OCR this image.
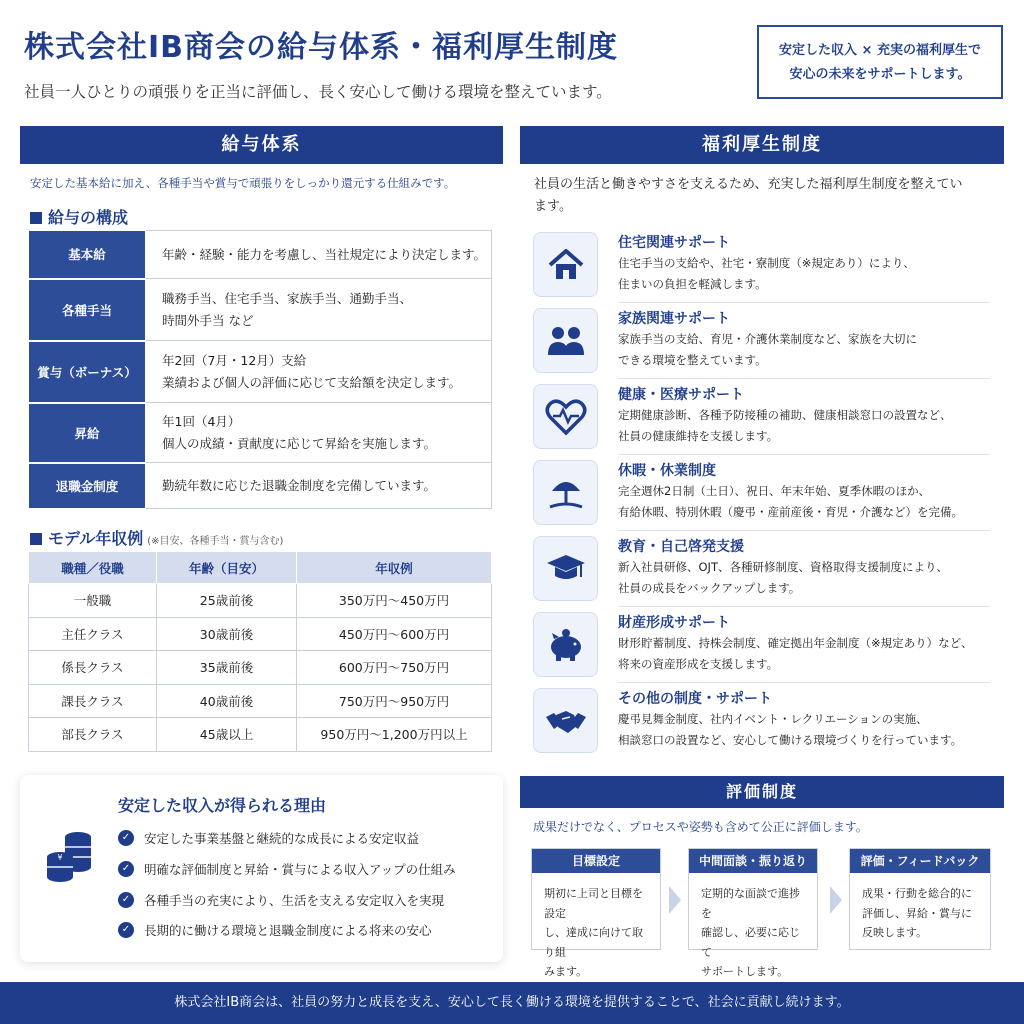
株式会社IB商会の給与体系・福利厚生制度
社員一人ひとりの頑張りを正当に評価し、長く安心して働ける環境を整えています。
安定した収入 × 充実の福利厚生で
安心の未来をサポートします。
給与体系
安定した基本給に加え、各種手当や賞与で頑張りをしっかり還元する仕組みです。
給与の構成
基本給	年齢・経験・能力を考慮し、当社規定により決定します。

各種手当	職務手当、住宅手当、家族手当、通勤手当、
時間外手当 など

賞与（ボーナス）	年2回（7月・12月）支給
業績および個人の評価に応じて支給額を決定します。

昇給	年1回（4月）
個人の成績・貢献度に応じて昇給を実施します。

退職金制度	勤続年数に応じた退職金制度を完備しています。
モデル年収例 (※目安、各種手当・賞与含む)
職種／役職	年齢（目安）	年収例
一般職	25歳前後	350万円〜450万円
主任クラス	30歳前後	450万円〜600万円
係長クラス	35歳前後	600万円〜750万円
課長クラス	40歳前後	750万円〜950万円
部長クラス	45歳以上	950万円〜1,200万円以上
福利厚生制度
社員の生活と働きやすさを支えるため、充実した福利厚生制度を整えています。
住宅関連サポート
住宅手当の支給や、社宅・寮制度（※規定あり）により、
住まいの負担を軽減します。
家族関連サポート
家族手当の支給、育児・介護休業制度など、家族を大切に
できる環境を整えています。
健康・医療サポート
定期健康診断、各種予防接種の補助、健康相談窓口の設置など、
社員の健康維持を支援します。
休暇・休業制度
完全週休2日制（土日）、祝日、年末年始、夏季休暇のほか、
有給休暇、特別休暇（慶弔・産前産後・育児・介護など）を完備。
教育・自己啓発支援
新入社員研修、OJT、各種研修制度、資格取得支援制度により、
社員の成長をバックアップします。
財産形成サポート
財形貯蓄制度、持株会制度、確定拠出年金制度（※規定あり）など、
将来の資産形成を支援します。
その他の制度・サポート
慶弔見舞金制度、社内イベント・レクリエーションの実施、
相談窓口の設置など、安心して働ける環境づくりを行っています。
¥
安定した収入が得られる理由
✓	安定した事業基盤と継続的な成長による安定収益
✓	明確な評価制度と昇給・賞与による収入アップの仕組み
✓	各種手当の充実により、生活を支える安定収入を実現
✓	長期的に働ける環境と退職金制度による将来の安心
評価制度
成果だけでなく、プロセスや姿勢も含めて公正に評価します。
目標設定
期初に上司と目標を設定
し、達成に向けて取り組
みます。
中間面談・振り返り
定期的な面談で進捗を
確認し、必要に応じて
サポートします。
評価・フィードバック
成果・行動を総合的に
評価し、昇給・賞与に
反映します。
株式会社IB商会は、社員の努力と成長を支え、安心して長く働ける環境を提供することで、社会に貢献し続けます。
